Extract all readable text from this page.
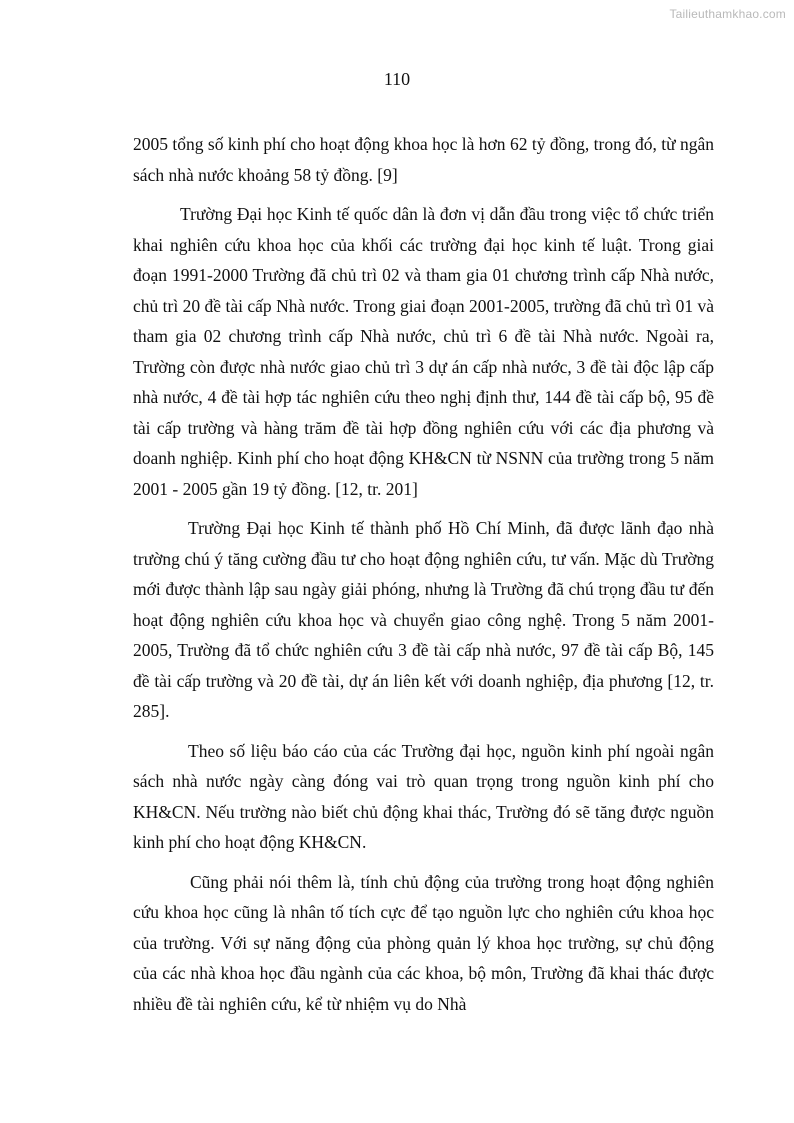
Tailieuthamkhao.com
110

2005 tổng số kinh phí cho hoạt động khoa học là hơn 62 tỷ đồng, trong đó, từ ngân sách nhà nước khoảng 58 tỷ đồng. [9]

Trường Đại học Kinh tế quốc dân là đơn vị dẫn đầu trong việc tổ chức triển khai nghiên cứu khoa học của khối các trường đại học kinh tế luật. Trong giai đoạn 1991-2000 Trường đã chủ trì 02 và tham gia 01 chương trình cấp Nhà nước, chủ trì 20 đề tài cấp Nhà nước. Trong giai đoạn 2001-2005, trường đã chủ trì 01 và tham gia 02 chương trình cấp Nhà nước, chủ trì 6 đề tài Nhà nước. Ngoài ra, Trường còn được nhà nước giao chủ trì 3 dự án cấp nhà nước, 3 đề tài độc lập cấp nhà nước, 4 đề tài hợp tác nghiên cứu theo nghị định thư, 144 đề tài cấp bộ, 95 đề tài cấp trường và hàng trăm đề tài hợp đồng nghiên cứu với các địa phương và doanh nghiệp. Kinh phí cho hoạt động KH&CN từ NSNN của trường trong 5 năm 2001 - 2005 gần 19 tỷ đồng. [12, tr. 201]

Trường Đại học Kinh tế thành phố Hồ Chí Minh, đã được lãnh đạo nhà trường chú ý tăng cường đầu tư cho hoạt động nghiên cứu, tư vấn. Mặc dù Trường mới được thành lập sau ngày giải phóng, nhưng là Trường đã chú trọng đầu tư đến hoạt động nghiên cứu khoa học và chuyển giao công nghệ. Trong 5 năm 2001-2005, Trường đã tổ chức nghiên cứu 3 đề tài cấp nhà nước, 97 đề tài cấp Bộ, 145 đề tài cấp trường và 20 đề tài, dự án liên kết với doanh nghiệp, địa phương [12, tr. 285].

Theo số liệu báo cáo của các Trường đại học, nguồn kinh phí ngoài ngân sách nhà nước ngày càng đóng vai trò quan trọng trong nguồn kinh phí cho KH&CN. Nếu trường nào biết chủ động khai thác, Trường đó sẽ tăng được nguồn kinh phí cho hoạt động KH&CN.

Cũng phải nói thêm là, tính chủ động của trường trong hoạt động nghiên cứu khoa học cũng là nhân tố tích cực để tạo nguồn lực cho nghiên cứu khoa học của trường. Với sự năng động của phòng quản lý khoa học trường, sự chủ động của các nhà khoa học đầu ngành của các khoa, bộ môn, Trường đã khai thác được nhiều đề tài nghiên cứu, kể từ nhiệm vụ do Nhà
